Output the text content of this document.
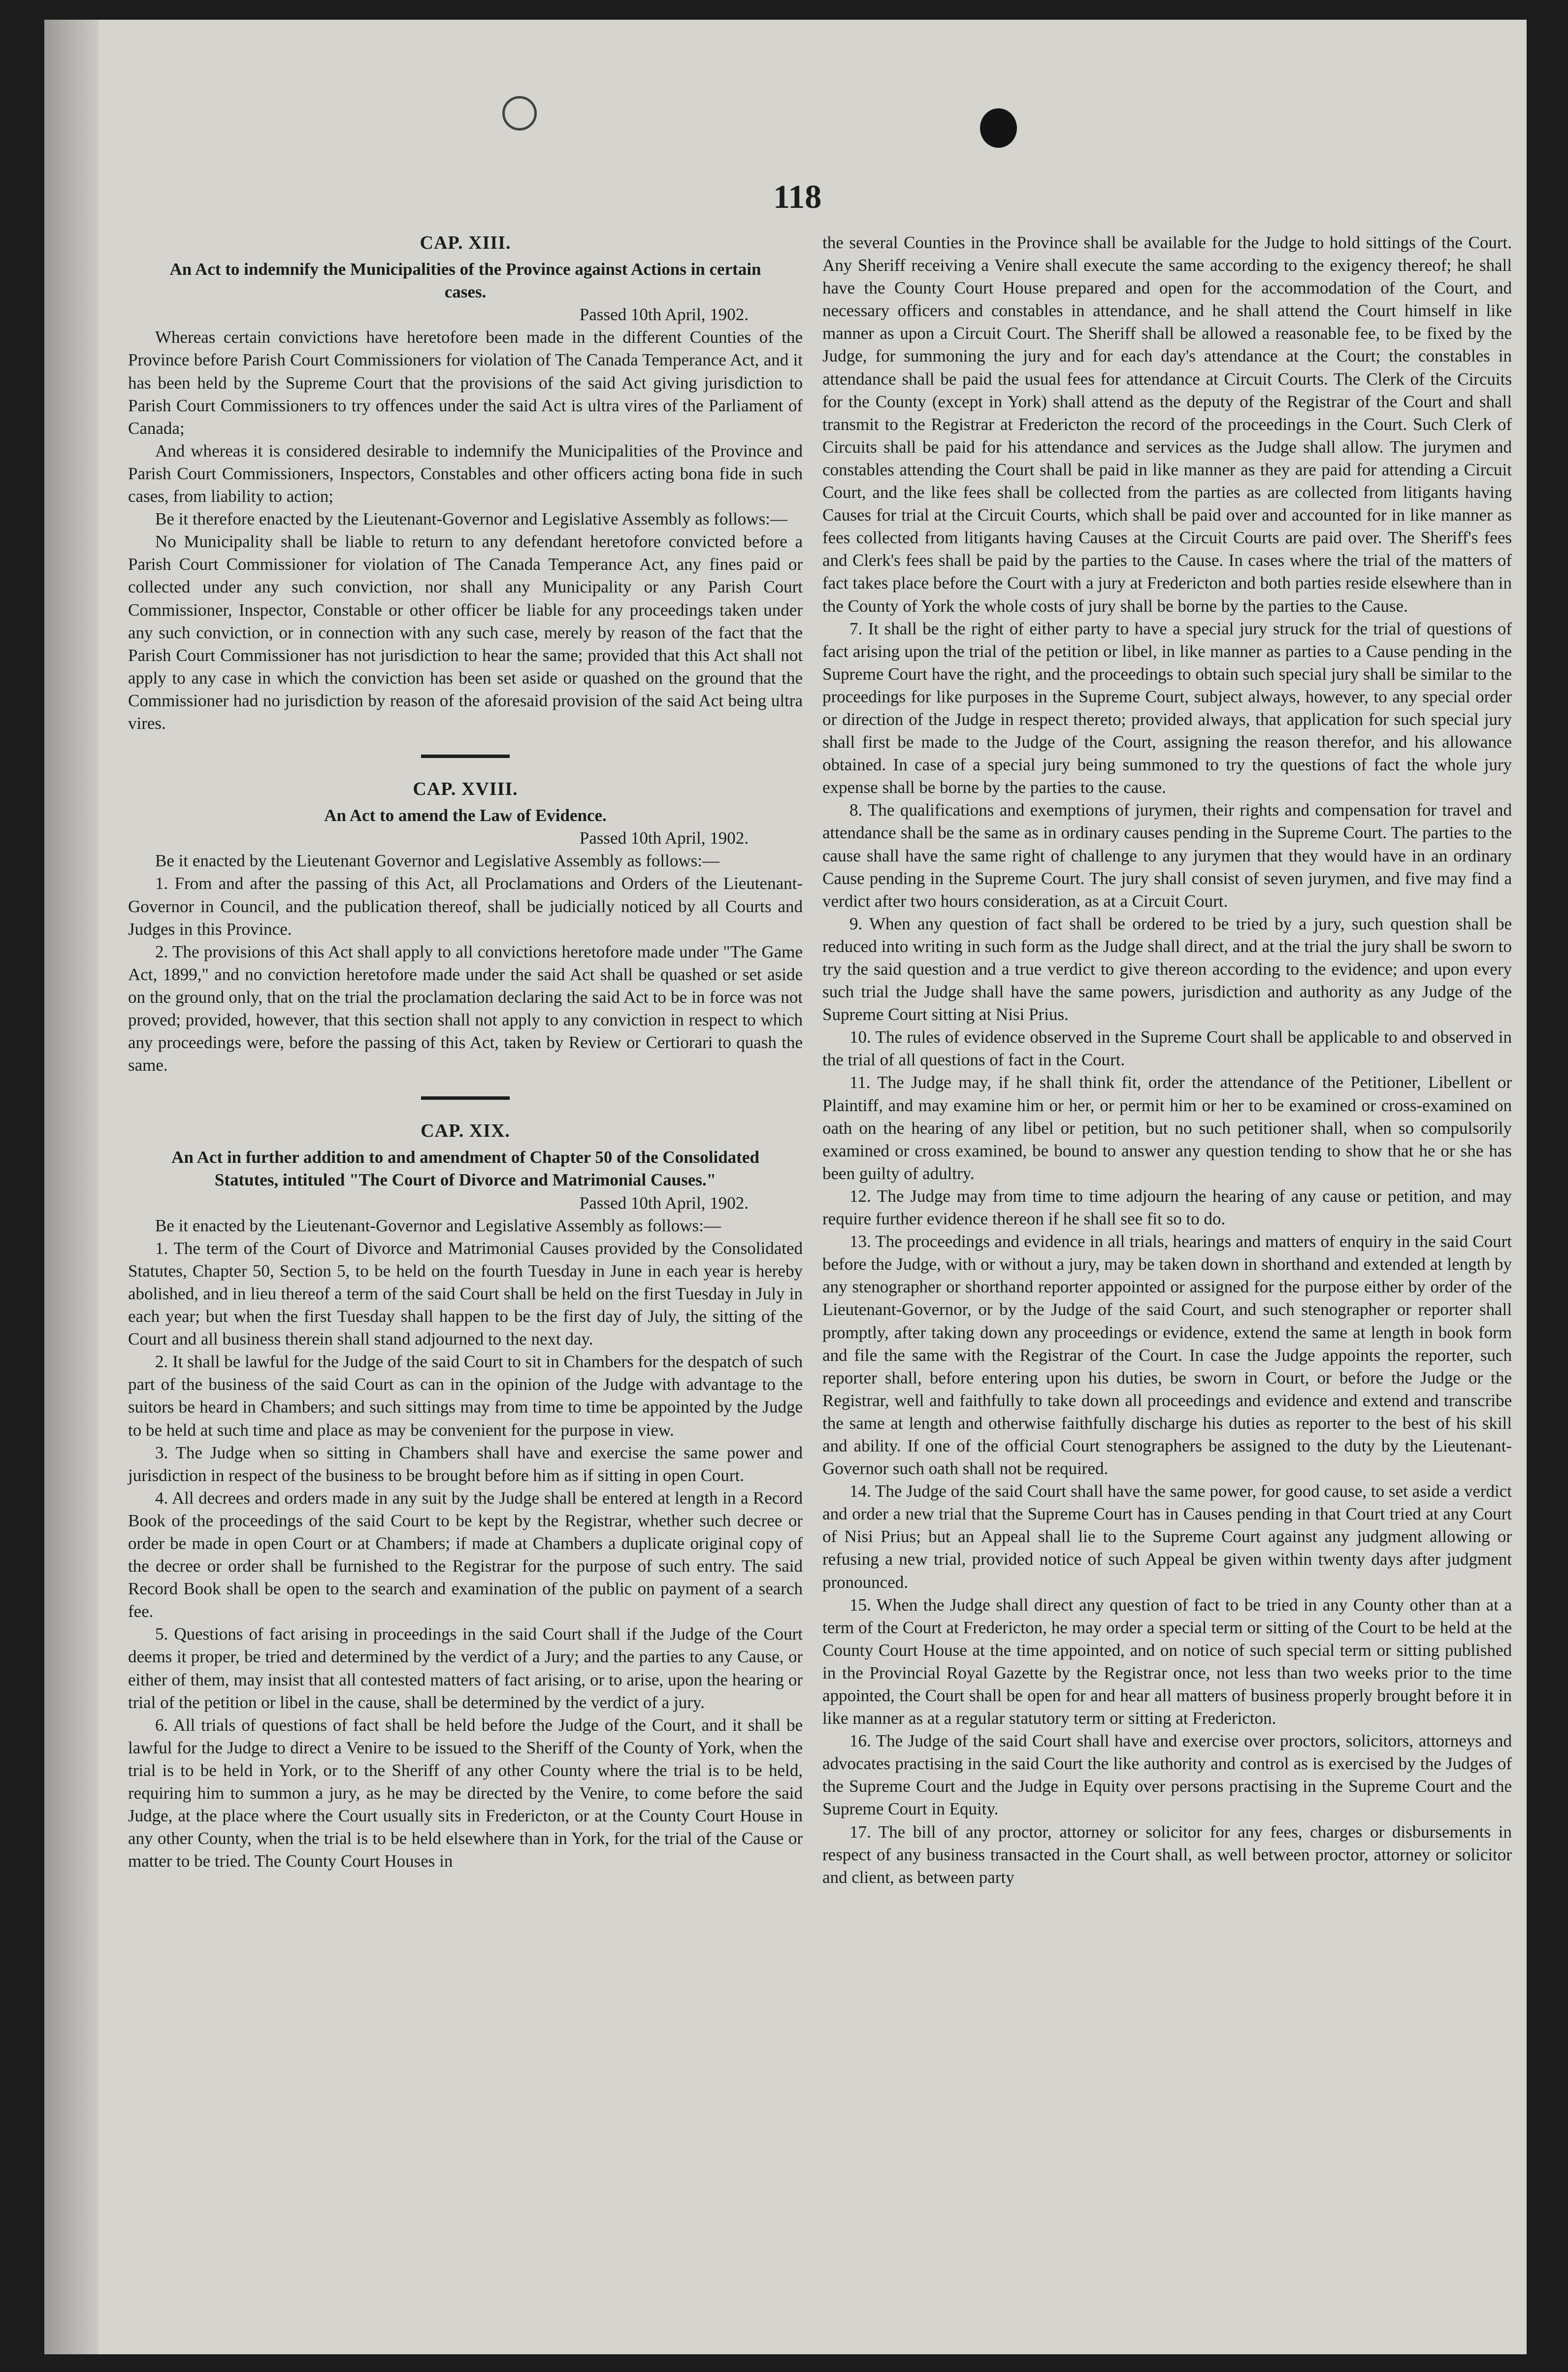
118
CAP. XIII.

An Act to indemnify the Municipalities of the Province against Actions in certain cases.

Passed 10th April, 1902.

Whereas certain convictions have heretofore been made in the different Counties of the Province before Parish Court Commissioners for violation of The Canada Temperance Act, and it has been held by the Supreme Court that the provisions of the said Act giving jurisdiction to Parish Court Commissioners to try offences under the said Act is ultra vires of the Parliament of Canada;

And whereas it is considered desirable to indemnify the Municipalities of the Province and Parish Court Commissioners, Inspectors, Constables and other officers acting bona fide in such cases, from liability to action;

Be it therefore enacted by the Lieutenant-Governor and Legislative Assembly as follows:—

No Municipality shall be liable to return to any defendant heretofore convicted before a Parish Court Commissioner for violation of The Canada Temperance Act, any fines paid or collected under any such conviction, nor shall any Municipality or any Parish Court Commissioner, Inspector, Constable or other officer be liable for any proceedings taken under any such conviction, or in connection with any such case, merely by reason of the fact that the Parish Court Commissioner has not jurisdiction to hear the same; provided that this Act shall not apply to any case in which the conviction has been set aside or quashed on the ground that the Commissioner had no jurisdiction by reason of the aforesaid provision of the said Act being ultra vires.

CAP. XVIII.

An Act to amend the Law of Evidence.

Passed 10th April, 1902.

Be it enacted by the Lieutenant Governor and Legislative Assembly as follows:—

1. From and after the passing of this Act, all Proclamations and Orders of the Lieutenant-Governor in Council, and the publication thereof, shall be judicially noticed by all Courts and Judges in this Province.

2. The provisions of this Act shall apply to all convictions heretofore made under "The Game Act, 1899," and no conviction heretofore made under the said Act shall be quashed or set aside on the ground only, that on the trial the proclamation declaring the said Act to be in force was not proved; provided, however, that this section shall not apply to any conviction in respect to which any proceedings were, before the passing of this Act, taken by Review or Certiorari to quash the same.

CAP. XIX.

An Act in further addition to and amendment of Chapter 50 of the Consolidated Statutes, intituled "The Court of Divorce and Matrimonial Causes."

Passed 10th April, 1902.

Be it enacted by the Lieutenant-Governor and Legislative Assembly as follows:—

1. The term of the Court of Divorce and Matrimonial Causes provided by the Consolidated Statutes, Chapter 50, Section 5, to be held on the fourth Tuesday in June in each year is hereby abolished, and in lieu thereof a term of the said Court shall be held on the first Tuesday in July in each year; but when the first Tuesday shall happen to be the first day of July, the sitting of the Court and all business therein shall stand adjourned to the next day.

2. It shall be lawful for the Judge of the said Court to sit in Chambers for the despatch of such part of the business of the said Court as can in the opinion of the Judge with advantage to the suitors be heard in Chambers; and such sittings may from time to time be appointed by the Judge to be held at such time and place as may be convenient for the purpose in view.

3. The Judge when so sitting in Chambers shall have and exercise the same power and jurisdiction in respect of the business to be brought before him as if sitting in open Court.

4. All decrees and orders made in any suit by the Judge shall be entered at length in a Record Book of the proceedings of the said Court to be kept by the Registrar, whether such decree or order be made in open Court or at Chambers; if made at Chambers a duplicate original copy of the decree or order shall be furnished to the Registrar for the purpose of such entry. The said Record Book shall be open to the search and examination of the public on payment of a search fee.

5. Questions of fact arising in proceedings in the said Court shall if the Judge of the Court deems it proper, be tried and determined by the verdict of a Jury; and the parties to any Cause, or either of them, may insist that all contested matters of fact arising, or to arise, upon the hearing or trial of the petition or libel in the cause, shall be determined by the verdict of a jury.

6. All trials of questions of fact shall be held before the Judge of the Court, and it shall be lawful for the Judge to direct a Venire to be issued to the Sheriff of the County of York, when the trial is to be held in York, or to the Sheriff of any other County where the trial is to be held, requiring him to summon a jury, as he may be directed by the Venire, to come before the said Judge, at the place where the Court usually sits in Fredericton, or at the County Court House in any other County, when the trial is to be held elsewhere than in York, for the trial of the Cause or matter to be tried. The County Court Houses in

the several Counties in the Province shall be available for the Judge to hold sittings of the Court. Any Sheriff receiving a Venire shall execute the same according to the exigency thereof; he shall have the County Court House prepared and open for the accommodation of the Court, and necessary officers and constables in attendance, and he shall attend the Court himself in like manner as upon a Circuit Court. The Sheriff shall be allowed a reasonable fee, to be fixed by the Judge, for summoning the jury and for each day's attendance at the Court; the constables in attendance shall be paid the usual fees for attendance at Circuit Courts. The Clerk of the Circuits for the County (except in York) shall attend as the deputy of the Registrar of the Court and shall transmit to the Registrar at Fredericton the record of the proceedings in the Court. Such Clerk of Circuits shall be paid for his attendance and services as the Judge shall allow. The jurymen and constables attending the Court shall be paid in like manner as they are paid for attending a Circuit Court, and the like fees shall be collected from the parties as are collected from litigants having Causes for trial at the Circuit Courts, which shall be paid over and accounted for in like manner as fees collected from litigants having Causes at the Circuit Courts are paid over. The Sheriff's fees and Clerk's fees shall be paid by the parties to the Cause. In cases where the trial of the matters of fact takes place before the Court with a jury at Fredericton and both parties reside elsewhere than in the County of York the whole costs of jury shall be borne by the parties to the Cause.

7. It shall be the right of either party to have a special jury struck for the trial of questions of fact arising upon the trial of the petition or libel, in like manner as parties to a Cause pending in the Supreme Court have the right, and the proceedings to obtain such special jury shall be similar to the proceedings for like purposes in the Supreme Court, subject always, however, to any special order or direction of the Judge in respect thereto; provided always, that application for such special jury shall first be made to the Judge of the Court, assigning the reason therefor, and his allowance obtained. In case of a special jury being summoned to try the questions of fact the whole jury expense shall be borne by the parties to the cause.

8. The qualifications and exemptions of jurymen, their rights and compensation for travel and attendance shall be the same as in ordinary causes pending in the Supreme Court. The parties to the cause shall have the same right of challenge to any jurymen that they would have in an ordinary Cause pending in the Supreme Court. The jury shall consist of seven jurymen, and five may find a verdict after two hours consideration, as at a Circuit Court.

9. When any question of fact shall be ordered to be tried by a jury, such question shall be reduced into writing in such form as the Judge shall direct, and at the trial the jury shall be sworn to try the said question and a true verdict to give thereon according to the evidence; and upon every such trial the Judge shall have the same powers, jurisdiction and authority as any Judge of the Supreme Court sitting at Nisi Prius.

10. The rules of evidence observed in the Supreme Court shall be applicable to and observed in the trial of all questions of fact in the Court.

11. The Judge may, if he shall think fit, order the attendance of the Petitioner, Libellent or Plaintiff, and may examine him or her, or permit him or her to be examined or cross-examined on oath on the hearing of any libel or petition, but no such petitioner shall, when so compulsorily examined or cross examined, be bound to answer any question tending to show that he or she has been guilty of adultry.

12. The Judge may from time to time adjourn the hearing of any cause or petition, and may require further evidence thereon if he shall see fit so to do.

13. The proceedings and evidence in all trials, hearings and matters of enquiry in the said Court before the Judge, with or without a jury, may be taken down in shorthand and extended at length by any stenographer or shorthand reporter appointed or assigned for the purpose either by order of the Lieutenant-Governor, or by the Judge of the said Court, and such stenographer or reporter shall promptly, after taking down any proceedings or evidence, extend the same at length in book form and file the same with the Registrar of the Court. In case the Judge appoints the reporter, such reporter shall, before entering upon his duties, be sworn in Court, or before the Judge or the Registrar, well and faithfully to take down all proceedings and evidence and extend and transcribe the same at length and otherwise faithfully discharge his duties as reporter to the best of his skill and ability. If one of the official Court stenographers be assigned to the duty by the Lieutenant-Governor such oath shall not be required.

14. The Judge of the said Court shall have the same power, for good cause, to set aside a verdict and order a new trial that the Supreme Court has in Causes pending in that Court tried at any Court of Nisi Prius; but an Appeal shall lie to the Supreme Court against any judgment allowing or refusing a new trial, provided notice of such Appeal be given within twenty days after judgment pronounced.

15. When the Judge shall direct any question of fact to be tried in any County other than at a term of the Court at Fredericton, he may order a special term or sitting of the Court to be held at the County Court House at the time appointed, and on notice of such special term or sitting published in the Provincial Royal Gazette by the Registrar once, not less than two weeks prior to the time appointed, the Court shall be open for and hear all matters of business properly brought before it in like manner as at a regular statutory term or sitting at Fredericton.

16. The Judge of the said Court shall have and exercise over proctors, solicitors, attorneys and advocates practising in the said Court the like authority and control as is exercised by the Judges of the Supreme Court and the Judge in Equity over persons practising in the Supreme Court and the Supreme Court in Equity.

17. The bill of any proctor, attorney or solicitor for any fees, charges or disbursements in respect of any business transacted in the Court shall, as well between proctor, attorney or solicitor and client, as between party
